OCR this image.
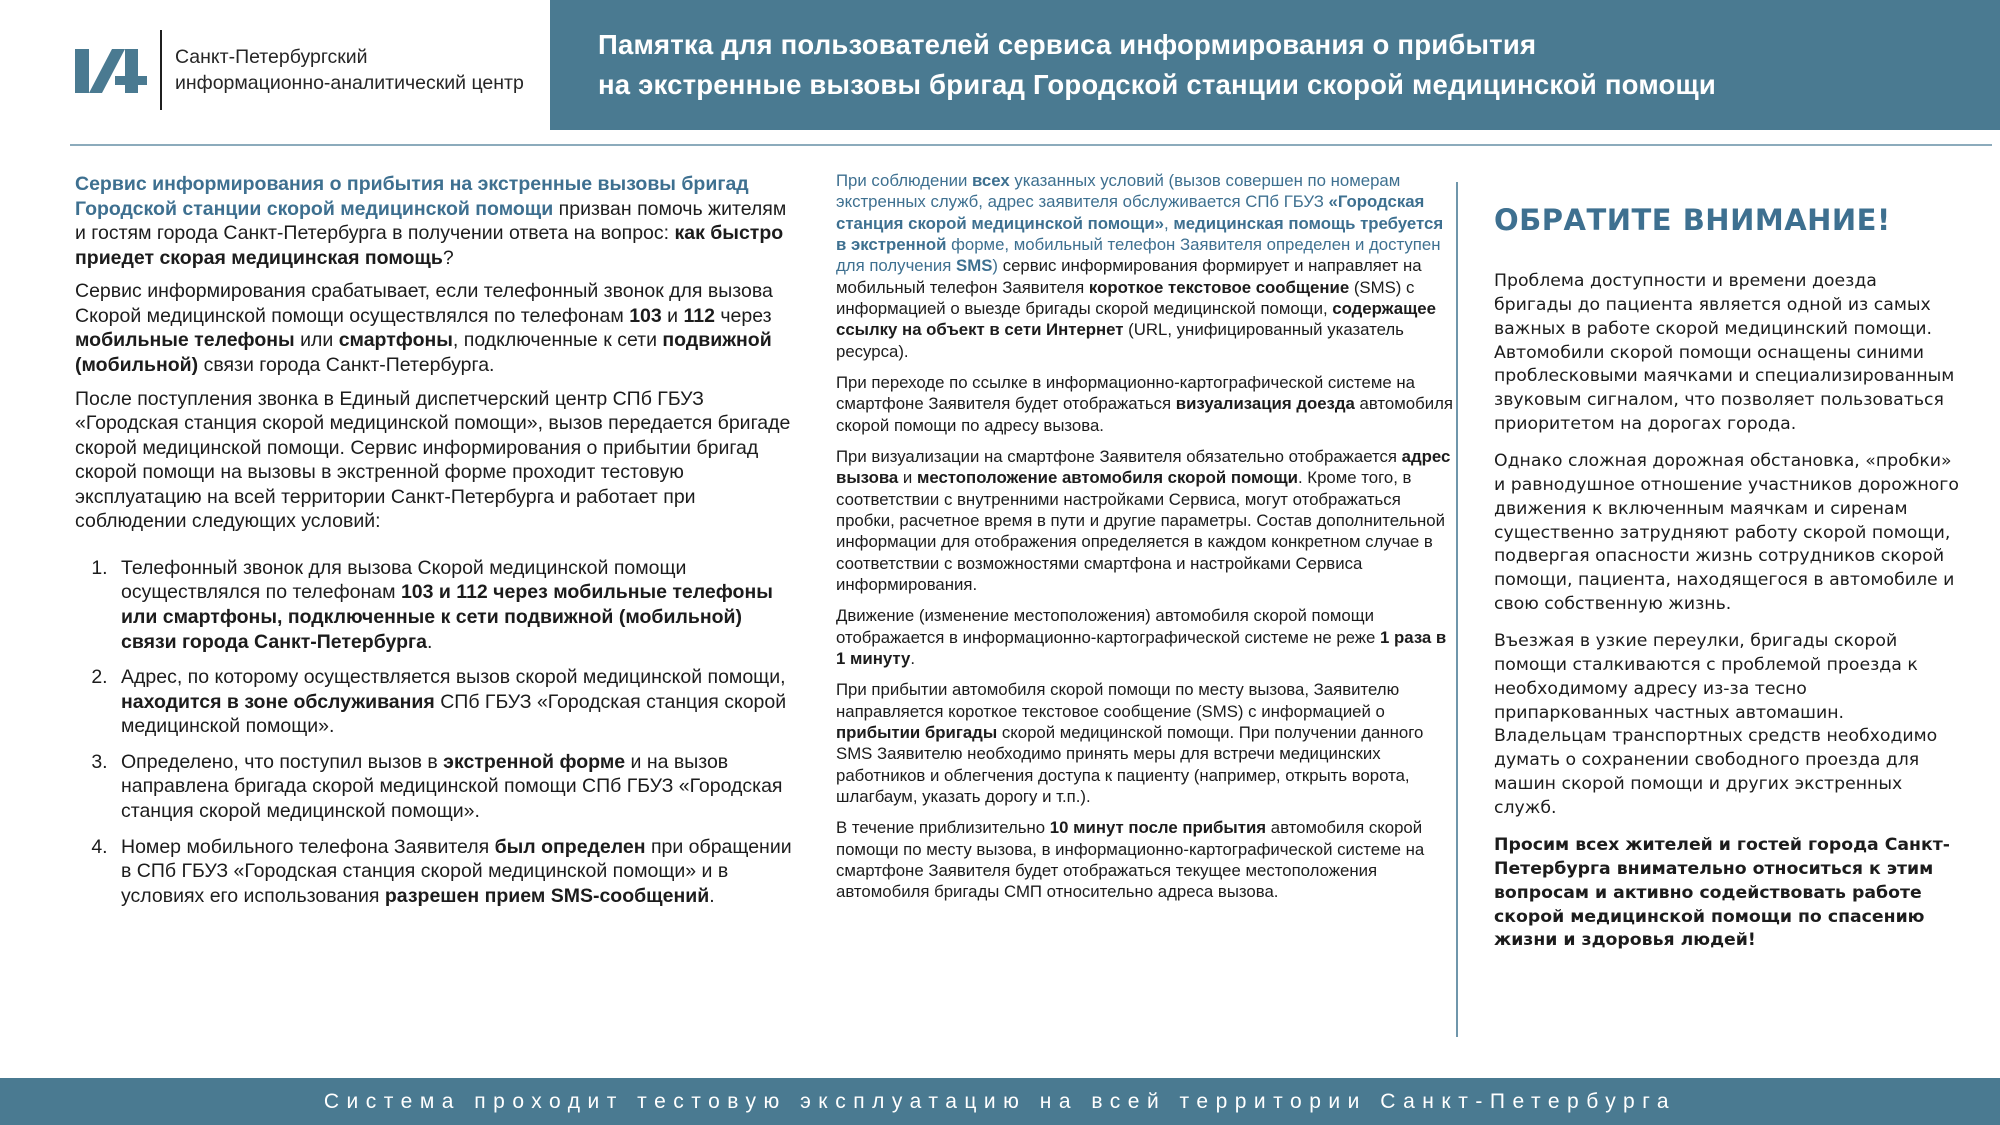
Санкт-Петербургский
информационно-аналитический центр
Памятка для пользователей сервиса информирования о прибытия
на экстренные вызовы бригад Городской станции скорой медицинской помощи

Сервис информирования о прибытия на экстренные вызовы бригад Городской станции скорой медицинской помощи призван помочь жителям и гостям города Санкт-Петербурга в получении ответа на вопрос: как быстро приедет скорая медицинская помощь?

Сервис информирования срабатывает, если телефонный звонок для вызова Скорой медицинской помощи осуществлялся по телефонам 103 и 112 через мобильные телефоны или смартфоны, подключенные к сети подвижной (мобильной) связи города Санкт-Петербурга.

После поступления звонка в Единый диспетчерский центр СПб ГБУЗ «Городская станция скорой медицинской помощи», вызов передается бригаде скорой медицинской помощи. Сервис информирования о прибытии бригад скорой помощи на вызовы в экстренной форме проходит тестовую эксплуатацию на всей территории Санкт-Петербурга и работает при соблюдении следующих условий:

1. Телефонный звонок для вызова Скорой медицинской помощи осуществлялся по телефонам 103 и 112 через мобильные телефоны или смартфоны, подключенные к сети подвижной (мобильной) связи города Санкт-Петербурга.
2. Адрес, по которому осуществляется вызов скорой медицинской помощи, находится в зоне обслуживания СПб ГБУЗ «Городская станция скорой медицинской помощи».
3. Определено, что поступил вызов в экстренной форме и на вызов направлена бригада скорой медицинской помощи СПб ГБУЗ «Городская станция скорой медицинской помощи».
4. Номер мобильного телефона Заявителя был определен при обращении в СПб ГБУЗ «Городская станция скорой медицинской помощи» и в условиях его использования разрешен прием SMS-сообщений.

При соблюдении всех указанных условий (вызов совершен по номерам экстренных служб, адрес заявителя обслуживается СПб ГБУЗ «Городская станция скорой медицинской помощи», медицинская помощь требуется в экстренной форме, мобильный телефон Заявителя определен и доступен для получения SMS) сервис информирования формирует и направляет на мобильный телефон Заявителя короткое текстовое сообщение (SMS) с информацией о выезде бригады скорой медицинской помощи, содержащее ссылку на объект в сети Интернет (URL, унифицированный указатель ресурса).

При переходе по ссылке в информационно-картографической системе на смартфоне Заявителя будет отображаться визуализация доезда автомобиля скорой помощи по адресу вызова.

При визуализации на смартфоне Заявителя обязательно отображается адрес вызова и местоположение автомобиля скорой помощи. Кроме того, в соответствии с внутренними настройками Сервиса, могут отображаться пробки, расчетное время в пути и другие параметры. Состав дополнительной информации для отображения определяется в каждом конкретном случае в соответствии с возможностями смартфона и настройками Сервиса информирования.

Движение (изменение местоположения) автомобиля скорой помощи отображается в информационно-картографической системе не реже 1 раза в 1 минуту.

При прибытии автомобиля скорой помощи по месту вызова, Заявителю направляется короткое текстовое сообщение (SMS) с информацией о прибытии бригады скорой медицинской помощи. При получении данного SMS Заявителю необходимо принять меры для встречи медицинских работников и облегчения доступа к пациенту (например, открыть ворота, шлагбаум, указать дорогу и т.п.).

В течение приблизительно 10 минут после прибытия автомобиля скорой помощи по месту вызова, в информационно-картографической системе на смартфоне Заявителя будет отображаться текущее местоположения автомобиля бригады СМП относительно адреса вызова.

ОБРАТИТЕ ВНИМАНИЕ!

Проблема доступности и времени доезда бригады до пациента является одной из самых важных в работе скорой медицинский помощи. Автомобили скорой помощи оснащены синими проблесковыми маячками и специализированным звуковым сигналом, что позволяет пользоваться приоритетом на дорогах города.

Однако сложная дорожная обстановка, «пробки» и равнодушное отношение участников дорожного движения к включенным маячкам и сиренам существенно затрудняют работу скорой помощи, подвергая опасности жизнь сотрудников скорой помощи, пациента, находящегося в автомобиле и свою собственную жизнь.

Въезжая в узкие переулки, бригады скорой помощи сталкиваются с проблемой проезда к необходимому адресу из-за тесно припаркованных частных автомашин. Владельцам транспортных средств необходимо думать о сохранении свободного проезда для машин скорой помощи и других экстренных служб.

Просим всех жителей и гостей города Санкт-Петербурга внимательно относиться к этим вопросам и активно содействовать работе скорой медицинской помощи по спасению жизни и здоровья людей!

Система проходит тестовую эксплуатацию на всей территории Санкт-Петербурга
